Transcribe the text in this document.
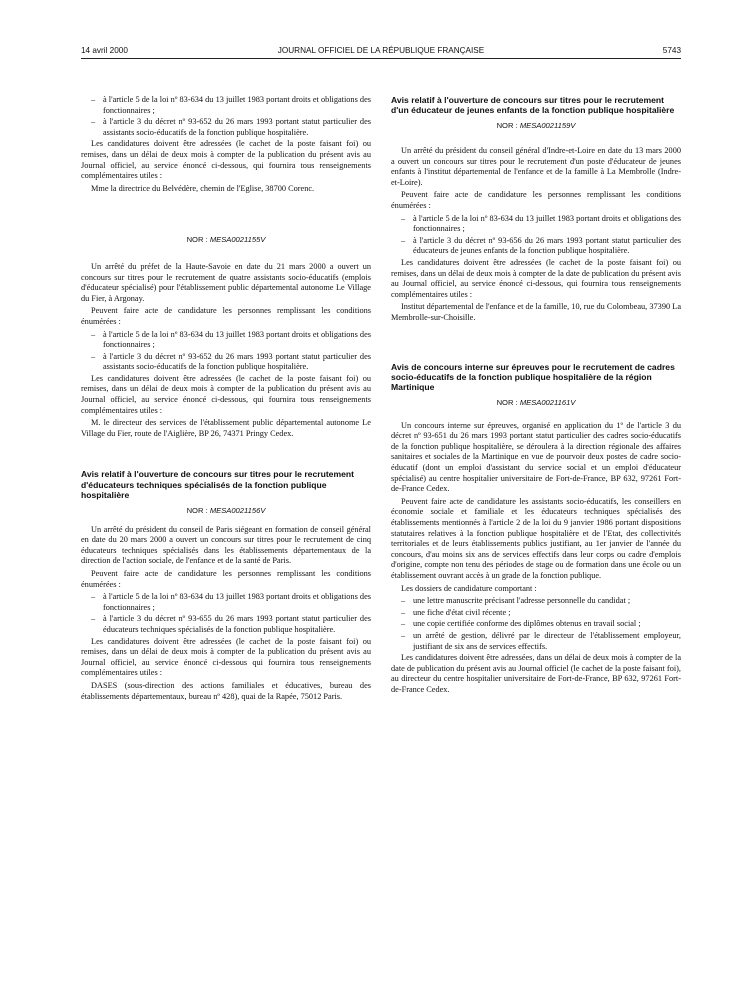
14 avril 2000	JOURNAL OFFICIEL DE LA RÉPUBLIQUE FRANÇAISE	5743
– à l'article 5 de la loi nº 83-634 du 13 juillet 1983 portant droits et obligations des fonctionnaires ;
– à l'article 3 du décret nº 93-652 du 26 mars 1993 portant statut particulier des assistants socio-éducatifs de la fonction publique hospitalière.

Les candidatures doivent être adressées (le cachet de la poste faisant foi) ou remises, dans un délai de deux mois à compter de la publication du présent avis au Journal officiel, au service énoncé ci-dessous, qui fournira tous renseignements complémentaires utiles :

Mme la directrice du Belvédère, chemin de l'Eglise, 38700 Corenc.

NOR : MESA0021155V

Un arrêté du préfet de la Haute-Savoie en date du 21 mars 2000 a ouvert un concours sur titres pour le recrutement de quatre assistants socio-éducatifs (emplois d'éducateur spécialisé) pour l'établissement public départemental autonome Le Village du Fier, à Argonay.

Peuvent faire acte de candidature les personnes remplissant les conditions énumérées :

– à l'article 5 de la loi nº 83-634 du 13 juillet 1983 portant droits et obligations des fonctionnaires ;
– à l'article 3 du décret nº 93-652 du 26 mars 1993 portant statut particulier des assistants socio-éducatifs de la fonction publique hospitalière.

Les candidatures doivent être adressées (le cachet de la poste faisant foi) ou remises, dans un délai de deux mois à compter de la publication du présent avis au Journal officiel, au service énoncé ci-dessous, qui fournira tous renseignements complémentaires utiles :

M. le directeur des services de l'établissement public départemental autonome Le Village du Fier, route de l'Aiglière, BP 26, 74371 Pringy Cedex.

Avis relatif à l'ouverture de concours sur titres pour le recrutement d'éducateurs techniques spécialisés de la fonction publique hospitalière
NOR : MESA0021156V

Un arrêté du président du conseil de Paris siégeant en formation de conseil général en date du 20 mars 2000 a ouvert un concours sur titres pour le recrutement de cinq éducateurs techniques spécialisés dans les établissements départementaux de la direction de l'action sociale, de l'enfance et de la santé de Paris.

Peuvent faire acte de candidature les personnes remplissant les conditions énumérées :

– à l'article 5 de la loi nº 83-634 du 13 juillet 1983 portant droits et obligations des fonctionnaires ;
– à l'article 3 du décret nº 93-655 du 26 mars 1993 portant statut particulier des éducateurs techniques spécialisés de la fonction publique hospitalière.

Les candidatures doivent être adressées (le cachet de la poste faisant foi) ou remises, dans un délai de deux mois à compter de la publication du présent avis au Journal officiel, au service énoncé ci-dessous qui fournira tous renseignements complémentaires utiles :

DASES (sous-direction des actions familiales et éducatives, bureau des établissements départementaux, bureau nº 428), quai de la Rapée, 75012 Paris.

Avis relatif à l'ouverture de concours sur titres pour le recrutement d'un éducateur de jeunes enfants de la fonction publique hospitalière
NOR : MESA0021159V

Un arrêté du président du conseil général d'Indre-et-Loire en date du 13 mars 2000 a ouvert un concours sur titres pour le recrutement d'un poste d'éducateur de jeunes enfants à l'institut départemental de l'enfance et de la famille à La Membrolle (Indre-et-Loire).

Peuvent faire acte de candidature les personnes remplissant les conditions énumérées :

– à l'article 5 de la loi nº 83-634 du 13 juillet 1983 portant droits et obligations des fonctionnaires ;
– à l'article 3 du décret nº 93-656 du 26 mars 1993 portant statut particulier des éducateurs de jeunes enfants de la fonction publique hospitalière.

Les candidatures doivent être adressées (le cachet de la poste faisant foi) ou remises, dans un délai de deux mois à compter de la date de publication du présent avis au Journal officiel, au service énoncé ci-dessous, qui fournira tous renseignements complémentaires utiles :

Institut départemental de l'enfance et de la famille, 10, rue du Colombeau, 37390 La Membrolle-sur-Choisille.

Avis de concours interne sur épreuves pour le recrutement de cadres socio-éducatifs de la fonction publique hospitalière de la région Martinique
NOR : MESA0021161V

Un concours interne sur épreuves, organisé en application du 1º de l'article 3 du décret nº 93-651 du 26 mars 1993 portant statut particulier des cadres socio-éducatifs de la fonction publique hospitalière, se déroulera à la direction régionale des affaires sanitaires et sociales de la Martinique en vue de pourvoir deux postes de cadre socio-éducatif (dont un emploi d'assistant du service social et un emploi d'éducateur spécialisé) au centre hospitalier universitaire de Fort-de-France, BP 632, 97261 Fort-de-France Cedex.

Peuvent faire acte de candidature les assistants socio-éducatifs, les conseillers en économie sociale et familiale et les éducateurs techniques spécialisés des établissements mentionnés à l'article 2 de la loi du 9 janvier 1986 portant dispositions statutaires relatives à la fonction publique hospitalière et de l'Etat, des collectivités territoriales et de leurs établissements publics justifiant, au 1er janvier de l'année du concours, d'au moins six ans de services effectifs dans leur corps ou cadre d'emplois d'origine, compte non tenu des périodes de stage ou de formation dans une école ou un établissement ouvrant accès à un grade de la fonction publique.

Les dossiers de candidature comportant :

– une lettre manuscrite précisant l'adresse personnelle du candidat ;
– une fiche d'état civil récente ;
– une copie certifiée conforme des diplômes obtenus en travail social ;
– un arrêté de gestion, délivré par le directeur de l'établissement employeur, justifiant de six ans de services effectifs.

Les candidatures doivent être adressées, dans un délai de deux mois à compter de la date de publication du présent avis au Journal officiel (le cachet de la poste faisant foi), au directeur du centre hospitalier universitaire de Fort-de-France, BP 632, 97261 Fort-de-France Cedex.
